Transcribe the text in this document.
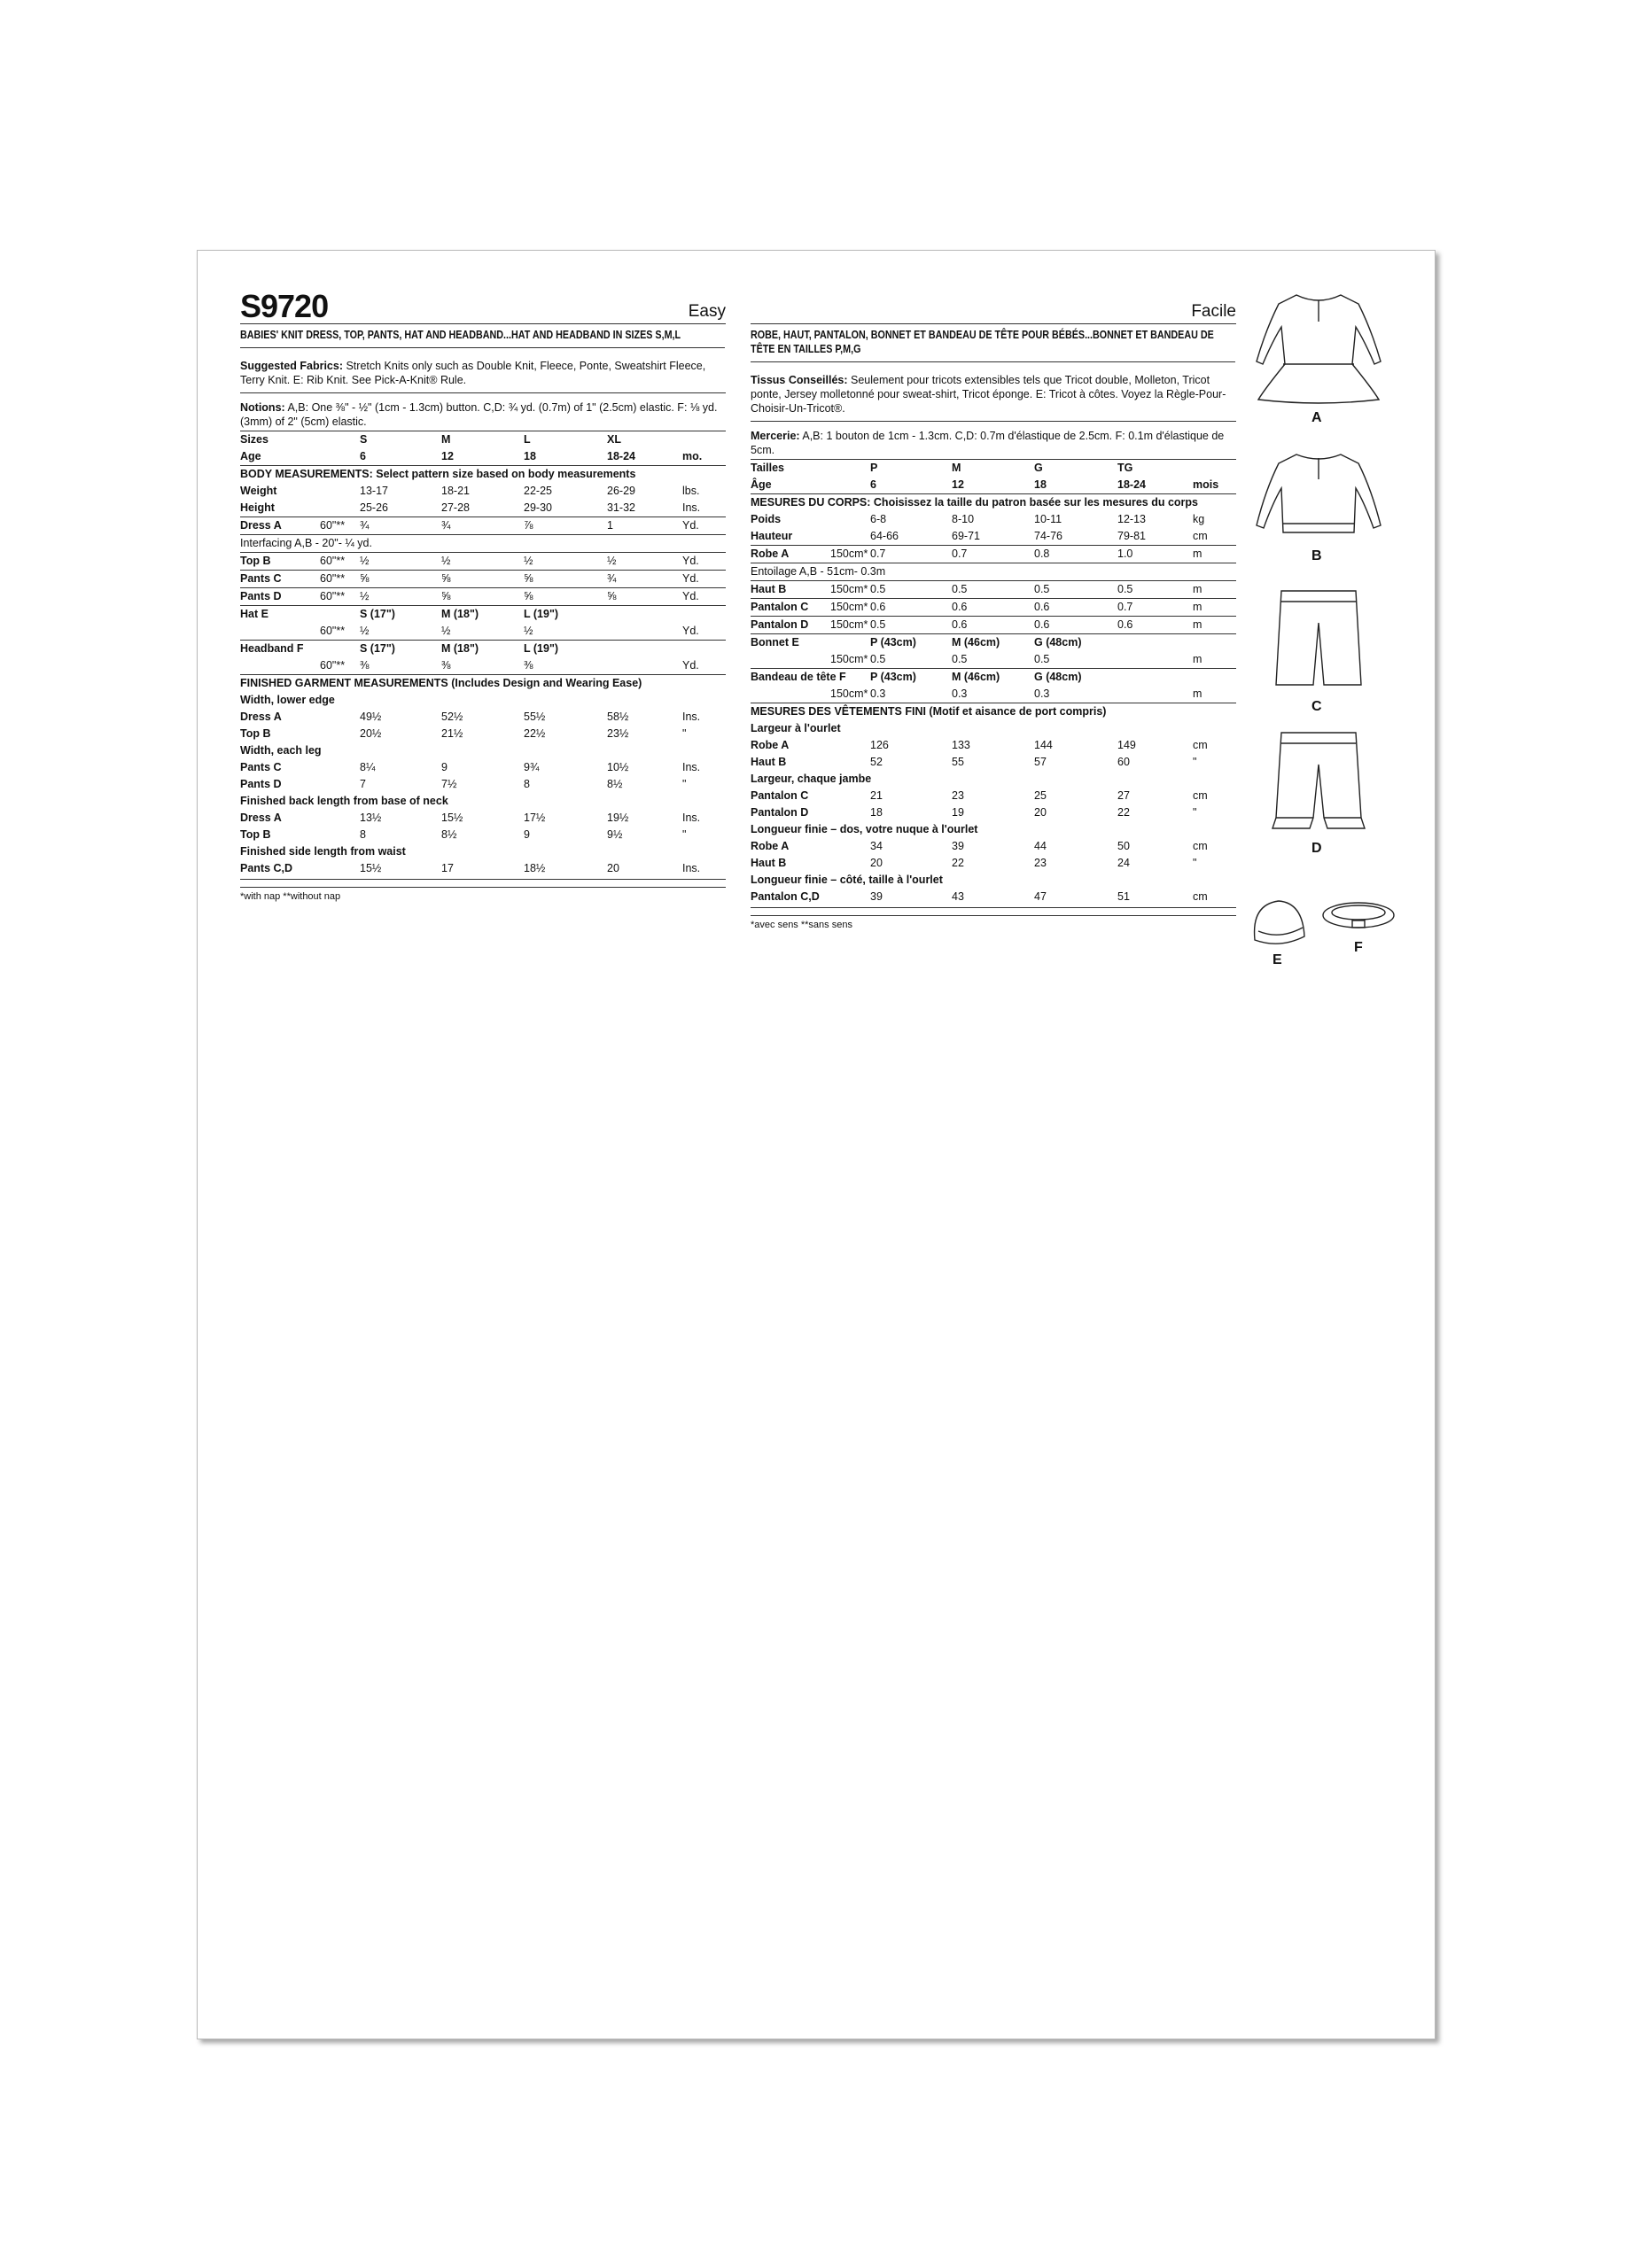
S9720	Easy
BABIES' KNIT DRESS, TOP, PANTS, HAT AND HEADBAND...HAT AND HEADBAND IN SIZES S,M,L
Suggested Fabrics: Stretch Knits only such as Double Knit, Fleece, Ponte, Sweatshirt Fleece, Terry Knit. E: Rib Knit. See Pick-A-Knit® Rule.
Notions: A,B: One ⅜" - ½" (1cm - 1.3cm) button. C,D: ¾ yd. (0.7m) of 1" (2.5cm) elastic. F: ⅛ yd. (3mm) of 2" (5cm) elastic.
Sizes	S	M	L	XL
Age	6	12	18	18-24	mo.
BODY MEASUREMENTS: Select pattern size based on body measurements
Weight	13-17	18-21	22-25	26-29	lbs.
Height	25-26	27-28	29-30	31-32	Ins.
Dress A	60"** ¾	¾	⅞	1	Yd.
Interfacing A,B - 20"- ¼ yd.
Top B	60"** ½	½	½	½	Yd.
Pants C	60"** ⅝	⅝	⅝	¾	Yd.
Pants D	60"** ½	⅝	⅝	⅝	Yd.
Hat E	S (17")	M (18")	L (19")
60"** ½	½	½	Yd.
Headband F	S (17")	M (18")	L (19")
60"** ⅜	⅜	⅜	Yd.
FINISHED GARMENT MEASUREMENTS (Includes Design and Wearing Ease)
Width, lower edge
Dress A	49½	52½	55½	58½	Ins.
Top B	20½	21½	22½	23½	"
Width, each leg
Pants C	8¼	9	9¾	10½	Ins.
Pants D	7	7½	8	8½	"
Finished back length from base of neck
Dress A	13½	15½	17½	19½	Ins.
Top B	8	8½	9	9½	"
Finished side length from waist
Pants C,D	15½	17	18½	20	Ins.
*with nap **without nap
Facile
ROBE, HAUT, PANTALON, BONNET ET BANDEAU DE TÊTE POUR BÉBÉS...BONNET ET BANDEAU DE TÊTE EN TAILLES P,M,G
Tissus Conseillés: Seulement pour tricots extensibles tels que Tricot double, Molleton, Tricot ponte, Jersey molletonné pour sweat-shirt, Tricot éponge. E: Tricot à côtes. Voyez la Règle-Pour-Choisir-Un-Tricot®.
Mercerie: A,B: 1 bouton de 1cm - 1.3cm. C,D: 0.7m d'élastique de 2.5cm. F: 0.1m d'élastique de 5cm.
Tailles	P	M	G	TG
Âge	6	12	18	18-24	mois
MESURES DU CORPS: Choisissez la taille du patron basée sur les mesures du corps
Poids	6-8	8-10	10-11	12-13	kg
Hauteur	64-66	69-71	74-76	79-81	cm
Robe A	150cm* 0.7	0.7	0.8	1.0	m
Entoilage A,B - 51cm- 0.3m
Haut B	150cm* 0.5	0.5	0.5	0.5	m
Pantalon C 150cm* 0.6	0.6	0.6	0.7	m
Pantalon D 150cm* 0.5	0.6	0.6	0.6	m
Bonnet E	P (43cm)	M (46cm)	G (48cm)
150cm* 0.5	0.5	0.5	m
Bandeau de tête F P (43cm)	M (46cm)	G (48cm)
150cm* 0.3	0.3	0.3	m
MESURES DES VÊTEMENTS FINI (Motif et aisance de port compris)
Largeur à l'ourlet
Robe A	126	133	144	149	cm
Haut B	52	55	57	60	"
Largeur, chaque jambe
Pantalon C	21	23	25	27	cm
Pantalon D	18	19	20	22	"
Longueur finie – dos, votre nuque à l'ourlet
Robe A	34	39	44	50	cm
Haut B	20	22	23	24	"
Longueur finie – côté, taille à l'ourlet
Pantalon C,D	39	43	47	51	cm
*avec sens **sans sens
A
B
C
D
E
F
